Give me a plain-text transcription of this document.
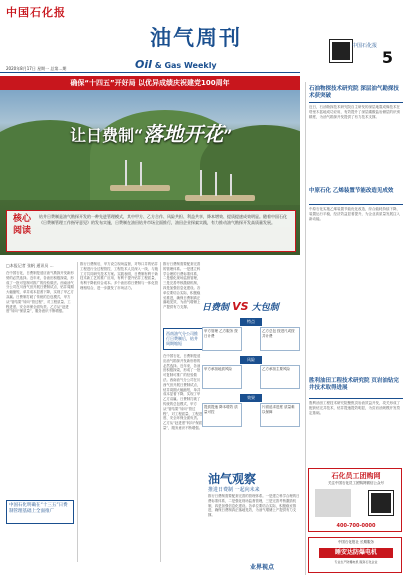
中国石化报
油气周刊	中国石化报
5
Oil & Gas Weekly
2020年8月17日 星期一 总第…期
确保“十四五”开好局 以优异成绩庆祝建党100周年
让日费制“落地开花”
核心阅读
钻井日费制是油气勘探开发的一种先进管理模式，其中甲方、乙方合作、风险共担、利益共享，降本增效、提质提速成效明显。随着中国石化《日费制管理工作指导意见》的发布实施，日费制在油田钻井市场全面推行，油田企业探索实践，有力推动油气勘探开发高质量发展。
□本报记者 张帆 通讯员 …
在中国石化，日费制是适应油气勘探开发新形势的必然选择。近年来，各油田积极探索，形成了一批可复制可推广的经验做法。西南油气分公司在川西气田开展日费制试点，钻井周期大幅缩短，单井成本显著下降，实现了甲乙方双赢。日费制打破了传统的总包模式，甲方从“管结果”转向“管过程”，对工程质量、工程进度、安全环保全面负责。乙方从“赶进度”转向“保质量”，服务意识不断增强。
推行日费制后，甲方设立现场监督，对每口井的钻井工程进行全过程管控，工程技术人员深入一线，与施工方共同研究技术方案。实践表明，日费制有利于新技术新工艺的推广应用，有利于提升钻井工程质量，有利于降低综合成本。多个油田将日费制与一体化管理相结合，进一步激发了市场活力。
推行日费制需要配套完善的管理体系。一是建立科学合理的日费标准体系，二是强化现场监督管理，三是完善考核激励机制，四是加强信息化建设。各单位要结合实际，积极稳妥推进，确保日费制真正落地见效，为油气增储上产提供有力支撑。
在中国石化，日费制是适应油气勘探开发新形势的必然选择。近年来，各油田积极探索，形成了一批可复制可推广的经验做法。西南油气分公司在川西气田开展日费制试点，钻井周期大幅缩短，单井成本显著下降，实现了甲乙方双赢。日费制打破了传统的总包模式，甲方从“管结果”转向“管过程”，对工程质量、工程进度、安全环保全面负责。乙方从“赶进度”转向“保质量”，服务意识不断增强。
西南油气分公司推行日费制后，钻井周期缩短
中国石化明确在“十三五”日费制管理基础上全面推广
日费制 VS 大包制
特点
甲方管理 乙方服务 按日计费
乙方总包 按进尺或按井计费
风险
甲方承担地质风险	乙方承担主要风险
效果
提质提速 降本增效 质量可控
片面追求进度 质量难以保障
油气观察
推进日费制 一起向未来
推行日费制需要配套完善的管理体系。一是建立科学合理的日费标准体系，二是强化现场监督管理，三是完善考核激励机制，四是加强信息化建设。各单位要结合实际，积极稳妥推进，确保日费制真正落地见效，为油气增储上产提供有力支撑。
石油物探技术研究院 深层油气勘探技术获突破
近日，石油物探技术研究院自主研发的深层地震成像技术在塔里木盆地成功应用，有效提升了深层碳酸盐岩储层的识别精度，为油气勘探开发提供了有力技术支撑。
中原石化 乙烯装置节能改造见成效
中原石化实施乙烯装置节能优化改造，综合能耗持续下降，装置运行平稳，经济效益显著提升，为企业高质量发展注入新动能。
胜利油田工程技术研究院 页岩油钻完井技术取得进展
胜利油田工程技术研究院聚焦页岩油效益开发，攻关形成了配套钻完井技术，钻井提速提效明显，为页岩油规模开发奠定基础。
石化员工团购网
关注中国石化员工团购网微信公众号
400-700-0000
中国石化报社 长期服务
睡安达防爆电机
专业生产防爆电机 服务石化企业
业界视点
